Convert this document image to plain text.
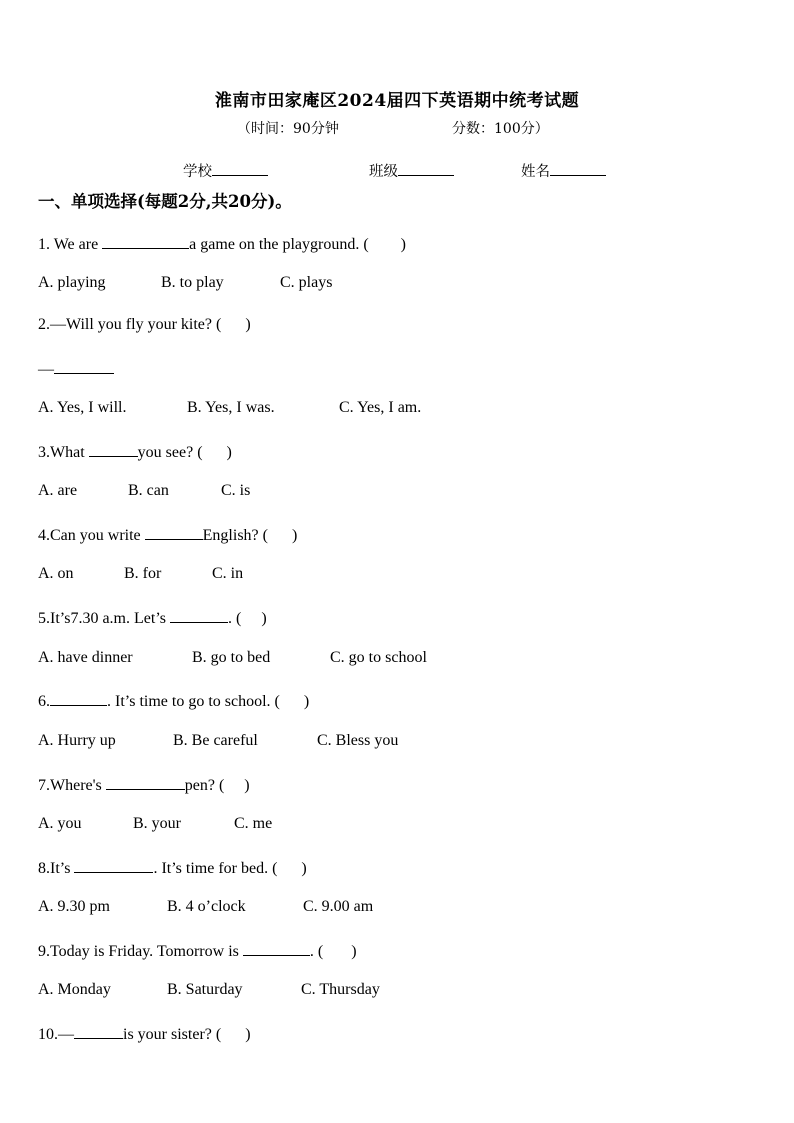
淮南市田家庵区2024届四下英语期中统考试题
（时间：90分钟	分数：100分）
学校	班级	姓名
一、单项选择(每题2分,共20分)。
1. We are	a game on the playground. (        )
A. playing	B. to play	C. plays
2.—Will you fly your kite? (      )
—
A. Yes, I will.	B. Yes, I was.	C. Yes, I am.
3.What	you see? (      )
A. are	B. can	C. is
4.Can you write	English? (      )
A. on	B. for	C. in
5.It’s7.30 a.m. Let’s	. (     )
A. have dinner	B. go to bed	C. go to school
6.	. It’s time to go to school. (      )
A. Hurry up	B. Be careful	C. Bless you
7.Where's	pen? (     )
A. you	B. your	C. me
8.It’s	. It’s time for bed. (      )
A. 9.30 pm	B. 4 o’clock	C. 9.00 am
9.Today is Friday. Tomorrow is	. (       )
A. Monday	B. Saturday	C. Thursday
10.—	is your sister? (      )
